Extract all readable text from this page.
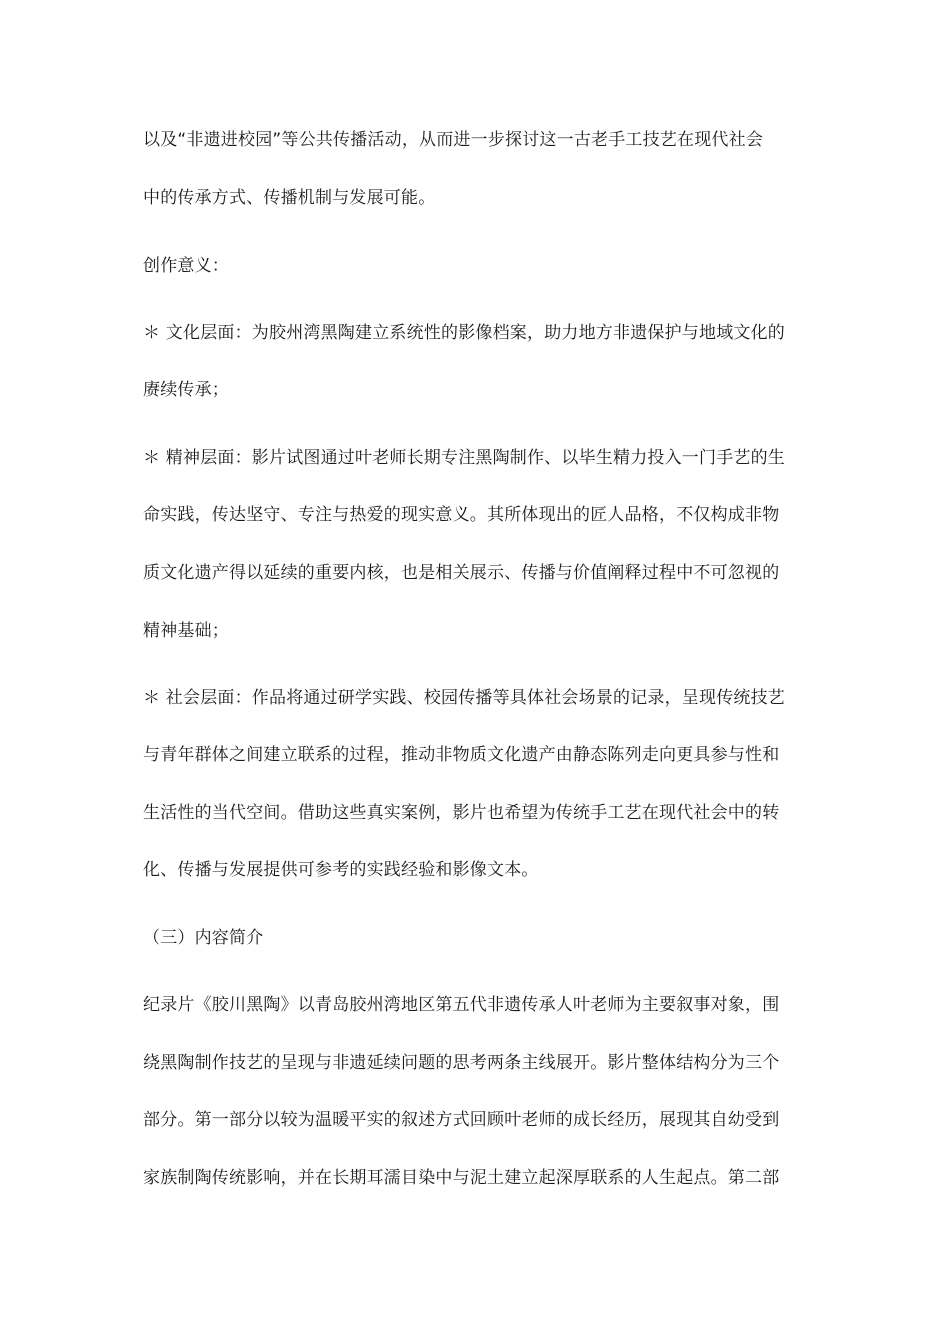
以及“非遗进校园”等公共传播活动，从而进一步探讨这一古老手工技艺在现代社会
中的传承方式、传播机制与发展可能。
创作意义：
＊ 文化层面：为胶州湾黑陶建立系统性的影像档案，助力地方非遗保护与地域文化的
赓续传承；
＊ 精神层面：影片试图通过叶老师长期专注黑陶制作、以毕生精力投入一门手艺的生
命实践，传达坚守、专注与热爱的现实意义。其所体现出的匠人品格，不仅构成非物
质文化遗产得以延续的重要内核，也是相关展示、传播与价值阐释过程中不可忽视的
精神基础；
＊ 社会层面：作品将通过研学实践、校园传播等具体社会场景的记录，呈现传统技艺
与青年群体之间建立联系的过程，推动非物质文化遗产由静态陈列走向更具参与性和
生活性的当代空间。借助这些真实案例，影片也希望为传统手工艺在现代社会中的转
化、传播与发展提供可参考的实践经验和影像文本。
（三）内容简介
纪录片《胶川黑陶》以青岛胶州湾地区第五代非遗传承人叶老师为主要叙事对象，围
绕黑陶制作技艺的呈现与非遗延续问题的思考两条主线展开。影片整体结构分为三个
部分。第一部分以较为温暖平实的叙述方式回顾叶老师的成长经历，展现其自幼受到
家族制陶传统影响，并在长期耳濡目染中与泥土建立起深厚联系的人生起点。第二部
